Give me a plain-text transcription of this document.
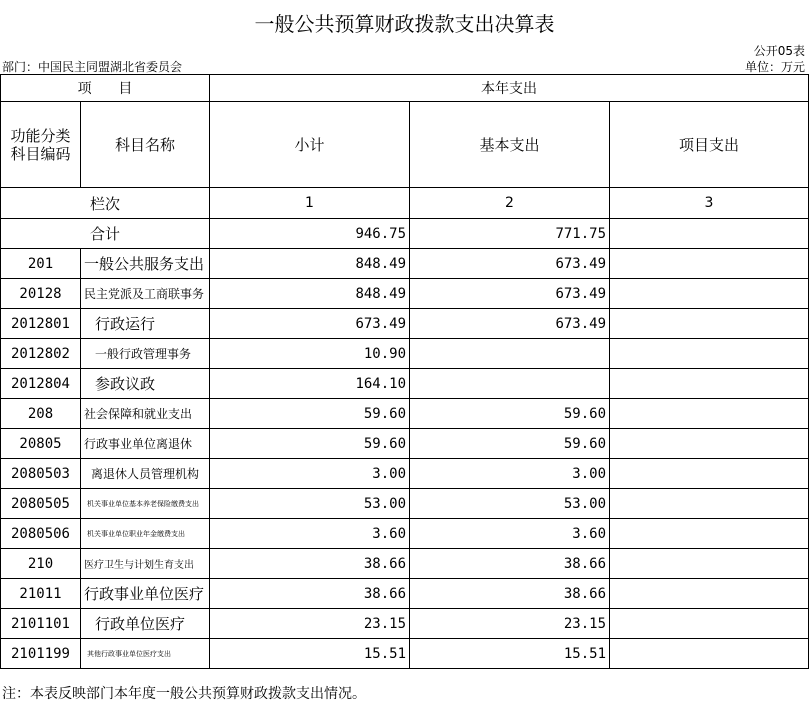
一般公共预算财政拨款支出决算表
公开05表
部门：中国民主同盟湖北省委员会	单位：万元
项      目		本年支出		
功能分类
科目编码	科目名称	小计	基本支出	项目支出
栏次		1	2	3
合计		946.75	771.75	
201	一般公共服务支出	848.49	673.49	
20128	民主党派及工商联事务	848.49	673.49	
2012801	行政运行	673.49	673.49	
2012802	一般行政管理事务	10.90		
2012804	参政议政	164.10		
208	社会保障和就业支出	59.60	59.60	
20805	行政事业单位离退休	59.60	59.60	
2080503	离退休人员管理机构	3.00	3.00	
2080505	机关事业单位基本养老保险缴费支出	53.00	53.00	
2080506	机关事业单位职业年金缴费支出	3.60	3.60	
210	医疗卫生与计划生育支出	38.66	38.66	
21011	行政事业单位医疗	38.66	38.66	
2101101	行政单位医疗	23.15	23.15	
2101199	其他行政事业单位医疗支出	15.51	15.51	
注：本表反映部门本年度一般公共预算财政拨款支出情况。
